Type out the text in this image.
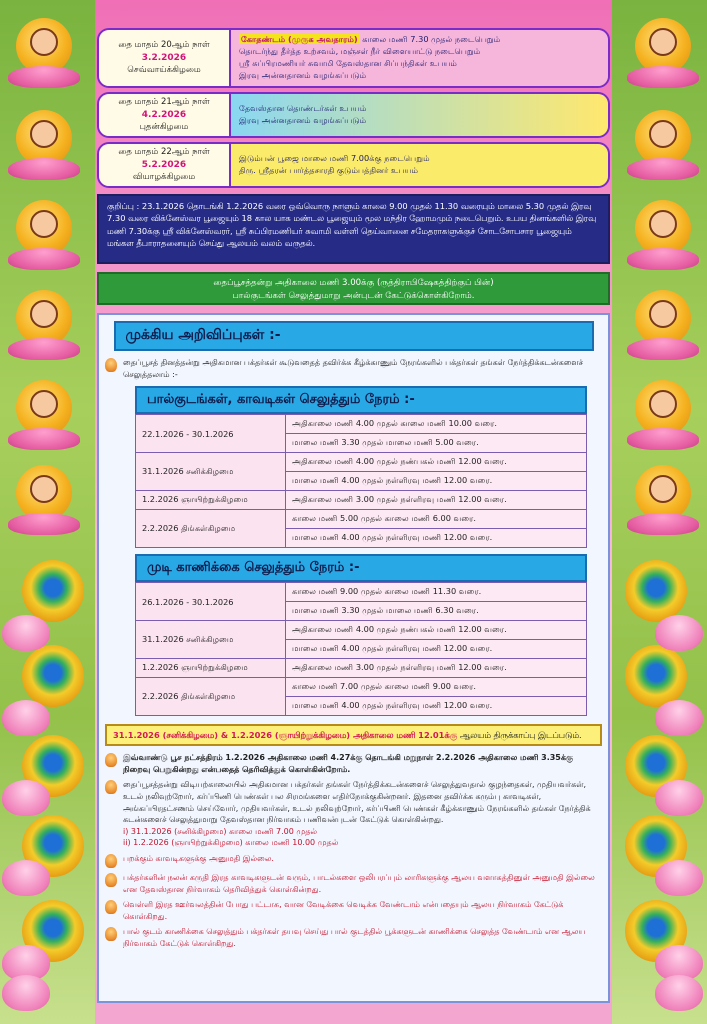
தை மாதம் 20ஆம் நாள்
3.2.2026
செவ்வாய்க்கிழமை
கோதண்டம் (முருக அவதாரம்) காலை மணி 7.30 முதல் நடைபெறும்
தொடர்ந்து தீர்த்த உற்சவம், மஞ்சள் நீர் விளையாட்டு நடைபெறும்
ஸ்ரீ சுப்பிரமணியர் சுவாமி தேவஸ்தான சிப்பந்திகள் உபயம்
இரவு அன்னதானம் வழங்கப்படும்
தை மாதம் 21ஆம் நாள்
4.2.2026
புதன்கிழமை
தேவஸ்தான தொண்டர்கள் உபயம்
இரவு அன்னதானம் வழங்கப்படும்
தை மாதம் 22ஆம் நாள்
5.2.2026
வியாழக்கிழமை
இடும்பன் பூஜை மாலை மணி 7.00க்கு நடைபெறும்
திரு. ஸ்ரீதரன் பார்த்தசாரதி குடும்பத்தினர் உபயம்
குறிப்பு : 23.1.2026 தொடங்கி 1.2.2026 வரை ஒவ்வொரு நாளும் காலை 9.00 முதல் 11.30 வரையும் மாலை 5.30 முதல் இரவு 7.30 வரை விக்னேஸ்வர பூஜையும் 18 கால யாக மண்டல பூஜையும் மூல மந்திர ஹோமமும் நடைபெறும். உபய தினங்களில் இரவு மணி 7.30க்கு ஸ்ரீ விக்னேஸ்வரர், ஸ்ரீ சுப்பிரமணியர் சுவாமி வள்ளி தெய்வானை சமேதராகளுக்குச் சோடசோபசார பூஜையும் மங்கள தீபாராதனையும் செய்து ஆலயம் வலம் வருதல்.
தைப்பூசத்தன்று அதிகாலை மணி 3.00க்கு (ருத்திராபிஷேகத்திற்குப் பின்)
பால்குடங்கள் செலுத்துமாறு அன்புடன் கேட்டுக்கொள்கிறோம்.
முக்கிய அறிவிப்புகள் :-
தைப்பூசத் தினத்தன்று அதிகமான பக்தர்கள் கூடுவதைத் தவிர்க்க கீழ்க்காணும் நேரங்களில் பக்தர்கள் தங்கள் நேர்த்திக்கடன்களைச் செலுத்தலாம் :-
பால்குடங்கள், காவடிகள் செலுத்தும் நேரம் :-
22.1.2026 - 30.1.2026	அதிகாலை மணி 4.00 முதல் காலை மணி 10.00 வரை.
	மாலை மணி 3.30 முதல் மாலை மணி 5.00 வரை.
31.1.2026 சனிக்கிழமை	அதிகாலை மணி 4.00 முதல் நண்பகல் மணி 12.00 வரை.
	மாலை மணி 4.00 முதல் நள்ளிரவு மணி 12.00 வரை.
1.2.2026 ஞாயிற்றுக்கிழமை	அதிகாலை மணி 3.00 முதல் நள்ளிரவு மணி 12.00 வரை.
2.2.2026 திங்கள்கிழமை	காலை மணி 5.00 முதல் காலை மணி 6.00 வரை.
	மாலை மணி 4.00 முதல் நள்ளிரவு மணி 12.00 வரை.
முடி காணிக்கை செலுத்தும் நேரம் :-
26.1.2026 - 30.1.2026	காலை மணி 9.00 முதல் காலை மணி 11.30 வரை.
	மாலை மணி 3.30 முதல் மாலை மணி 6.30 வரை.
31.1.2026 சனிக்கிழமை	அதிகாலை மணி 4.00 முதல் நண்பகல் மணி 12.00 வரை.
	மாலை மணி 4.00 முதல் நள்ளிரவு மணி 12.00 வரை.
1.2.2026 ஞாயிற்றுக்கிழமை	அதிகாலை மணி 3.00 முதல் நள்ளிரவு மணி 12.00 வரை.
2.2.2026 திங்கள்கிழமை	காலை மணி 7.00 முதல் காலை மணி 9.00 வரை.
	மாலை மணி 4.00 முதல் நள்ளிரவு மணி 12.00 வரை.
31.1.2026 (சனிக்கிழமை) & 1.2.2026 (ஞாயிற்றுக்கிழமை) அதிகாலை மணி 12.01க்கு ஆலயம் திருக்காப்பு இடப்படும்.
இவ்வாண்டு பூச நட்சத்திரம் 1.2.2026 அதிகாலை மணி 4.27க்கு தொடங்கி மறுநாள் 2.2.2026 அதிகாலை மணி 3.35க்கு நிறைவு பெறுகின்றது என்பதைத் தெரிவித்துக் கொள்கின்றோம்.
தைப்பூசத்தன்று விடியற்காலையில் அதிகமான பக்தர்கள் தங்கள் நேர்த்திக்கடன்களைச் செலுத்துவதால் குழந்தைகள், முதியவர்கள், உடல் நலிவுற்றோர், கர்ப்பிணி பெண்கள் பல சிரமங்களை எதிர்நோக்குகின்றனர். இதனை தவிர்க்க கரும்பு காவடிகள், அங்கப்பிரதட்சணம் செய்வோர், முதியவர்கள், உடல் நலிவுற்றோர், கர்ப்பிணி பெண்கள் கீழ்க்காணும் நேரங்களில் தங்கள் நேர்த்திக் கடன்களைச் செலுத்துமாறு தேவஸ்தான நிர்வாகம் பணிவன்புடன் கேட்டுக் கொள்கின்றது.
i) 31.1.2026 (சனிக்கிழமை) காலை மணி 7.00 முதல்
ii) 1.2.2026 (ஞாயிற்றுக்கிழமை) காலை மணி 10.00 முதல்
பறக்கும் காவடிகளுக்கு அனுமதி இல்லை.
பக்தர்களின் நலன் கருதி இரத காவடிகளுடன் வரும், பாடல்களை ஒலிபரப்பும் லாரிகளுக்கு ஆலய வளாகத்தினுள் அனுமதி இல்லை என தேவஸ்தான நிர்வாகம் தெரிவித்துக் கொள்கின்றது.
வெள்ளி இரத ஊர்வலத்தின் போது பட்டாசு, வான வேடிக்கை வெடிக்க வேண்டாம் என்பதையும் ஆலய நிர்வாகம் கேட்டுக் கொள்கிறது.
பால் குடம் காணிக்கை செலுத்தும் பக்தர்கள் தயவு செய்து பால் குடத்தில் பூக்களுடன் காணிக்கை செலுத்த வேண்டாம் என ஆலய நிர்வாகம் கேட்டுக் கொள்கிறது.
